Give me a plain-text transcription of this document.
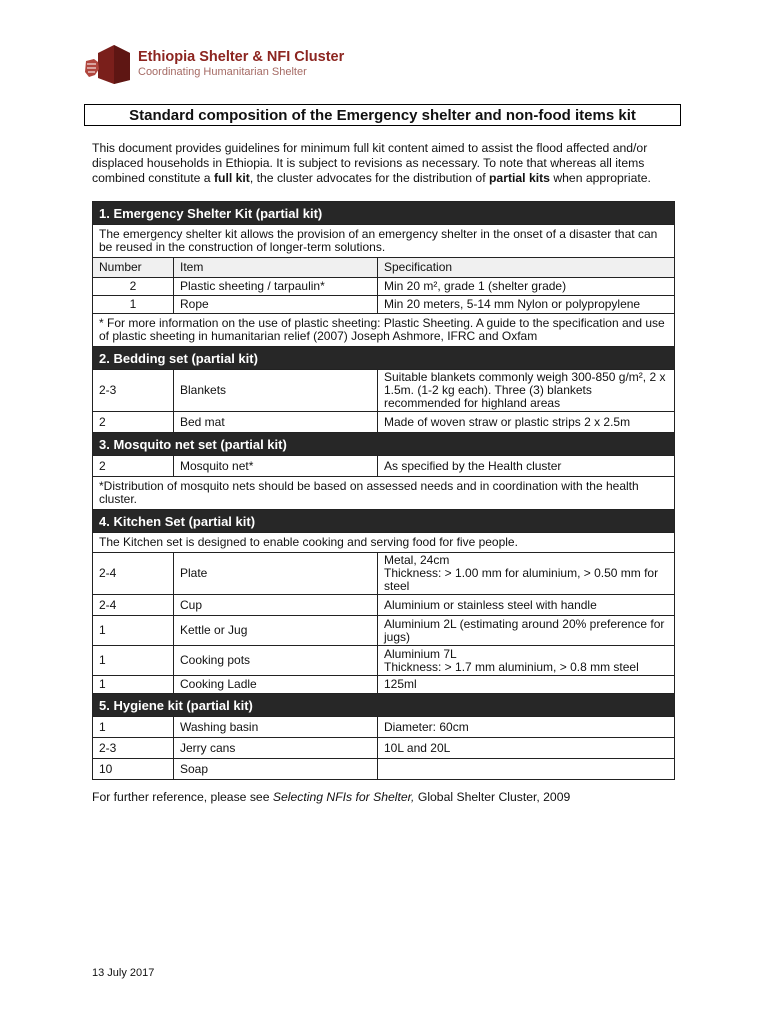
Ethiopia Shelter & NFI Cluster
Coordinating Humanitarian Shelter
Standard composition of the Emergency shelter and non-food items kit
This document provides guidelines for minimum full kit content aimed to assist the flood affected and/or displaced households in Ethiopia. It is subject to revisions as necessary. To note that whereas all items combined constitute a full kit, the cluster advocates for the distribution of partial kits when appropriate.
1. Emergency Shelter Kit (partial kit)		
The emergency shelter kit allows the provision of an emergency shelter in the onset of a disaster that can be reused in the construction of longer-term solutions.		
Number	Item	Specification
2	Plastic sheeting / tarpaulin*	Min 20 m², grade 1 (shelter grade)
1	Rope	Min 20 meters, 5-14 mm Nylon or polypropylene
* For more information on the use of plastic sheeting: Plastic Sheeting. A guide to the specification and use of plastic sheeting in humanitarian relief (2007) Joseph Ashmore, IFRC and Oxfam		
2. Bedding set (partial kit)		
2-3	Blankets	Suitable blankets commonly weigh 300-850 g/m², 2 x 1.5m. (1-2 kg each). Three (3) blankets recommended for highland areas
2	Bed mat	Made of woven straw or plastic strips 2 x 2.5m
3. Mosquito net set (partial kit)		
2	Mosquito net*	As specified by the Health cluster
*Distribution of mosquito nets should be based on assessed needs and in coordination with the health cluster.		
4. Kitchen Set (partial kit)		
The Kitchen set is designed to enable cooking and serving food for five people.		
2-4	Plate	Metal, 24cm
Thickness: > 1.00 mm for aluminium, > 0.50 mm for steel
2-4	Cup	Aluminium or stainless steel with handle
1	Kettle or Jug	Aluminium 2L (estimating around 20% preference for jugs)
1	Cooking pots	Aluminium 7L
Thickness: > 1.7 mm aluminium, > 0.8 mm steel
1	Cooking Ladle	125ml
5. Hygiene kit (partial kit)		
1	Washing basin	Diameter: 60cm
2-3	Jerry cans	10L and 20L
10	Soap	
For further reference, please see Selecting NFIs for Shelter, Global Shelter Cluster, 2009
13 July 2017
